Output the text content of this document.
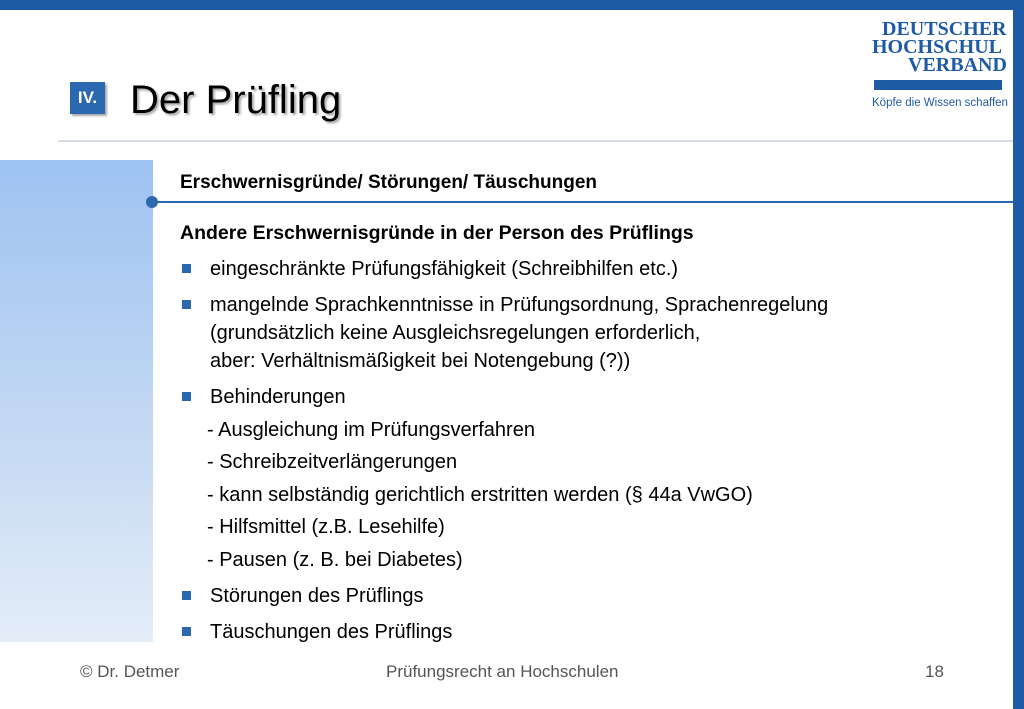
IV. Der Prüfling
DEUTSCHER
HOCHSCHUL
VERBAND
Köpfe die Wissen schaffen
Erschwernisgründe/ Störungen/ Täuschungen
Andere Erschwernisgründe in der Person des Prüflings
eingeschränkte Prüfungsfähigkeit (Schreibhilfen etc.)
mangelnde Sprachkenntnisse in Prüfungsordnung, Sprachenregelung
(grundsätzlich keine Ausgleichsregelungen erforderlich,
aber: Verhältnismäßigkeit bei Notengebung (?))
Behinderungen
- Ausgleichung im Prüfungsverfahren
- Schreibzeitverlängerungen
- kann selbständig gerichtlich erstritten werden (§ 44a VwGO)
- Hilfsmittel (z.B. Lesehilfe)
- Pausen (z. B. bei Diabetes)
Störungen des Prüflings
Täuschungen des Prüflings
© Dr. Detmer	Prüfungsrecht an Hochschulen	18
